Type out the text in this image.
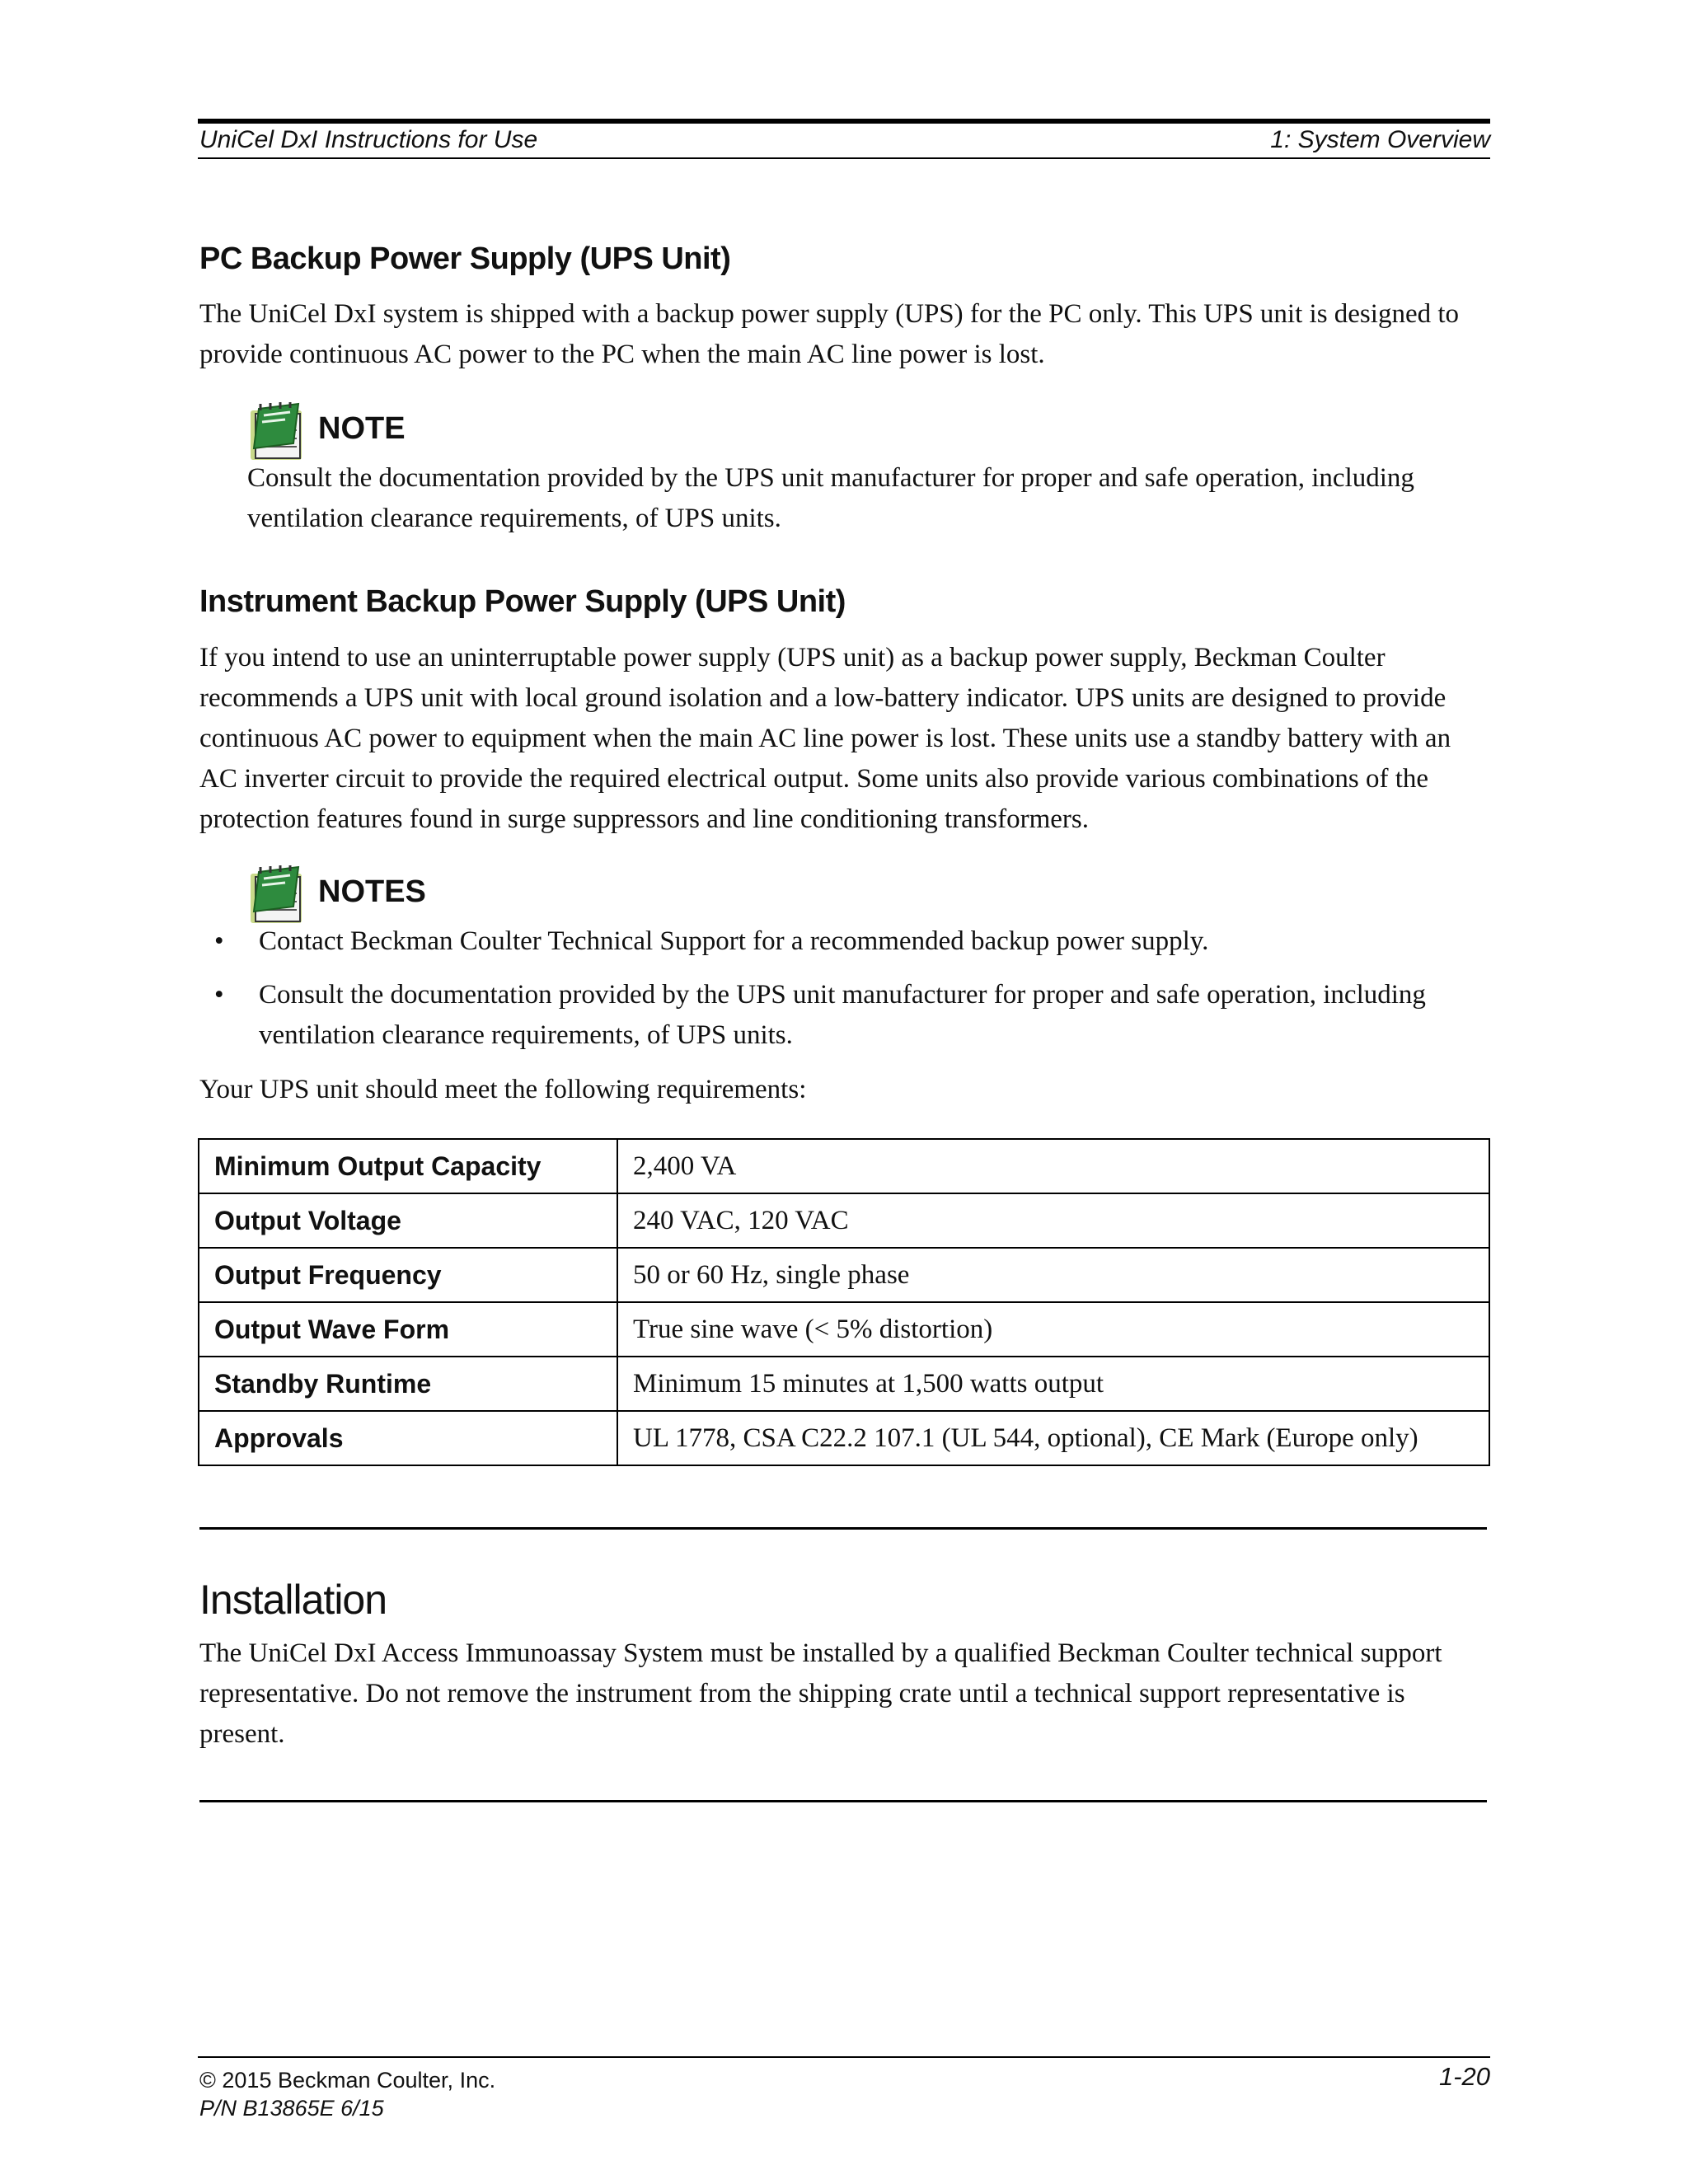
UniCel DxI Instructions for Use	1: System Overview
PC Backup Power Supply (UPS Unit)

The UniCel DxI system is shipped with a backup power supply (UPS) for the PC only. This UPS unit is designed to provide continuous AC power to the PC when the main AC line power is lost.

NOTE

Consult the documentation provided by the UPS unit manufacturer for proper and safe operation, including ventilation clearance requirements, of UPS units.

Instrument Backup Power Supply (UPS Unit)

If you intend to use an uninterruptable power supply (UPS unit) as a backup power supply, Beckman Coulter recommends a UPS unit with local ground isolation and a low-battery indicator. UPS units are designed to provide continuous AC power to equipment when the main AC line power is lost. These units use a standby battery with an AC inverter circuit to provide the required electrical output. Some units also provide various combinations of the protection features found in surge suppressors and line conditioning transformers.

NOTES
• Contact Beckman Coulter Technical Support for a recommended backup power supply.
• Consult the documentation provided by the UPS unit manufacturer for proper and safe operation, including ventilation clearance requirements, of UPS units.

Your UPS unit should meet the following requirements:

Minimum Output Capacity	2,400 VA
Output Voltage	240 VAC, 120 VAC
Output Frequency	50 or 60 Hz, single phase
Output Wave Form	True sine wave (< 5% distortion)
Standby Runtime	Minimum 15 minutes at 1,500 watts output
Approvals	UL 1778, CSA C22.2 107.1 (UL 544, optional), CE Mark (Europe only)
Installation

The UniCel DxI Access Immunoassay System must be installed by a qualified Beckman Coulter technical support representative. Do not remove the instrument from the shipping crate until a technical support representative is present.

© 2015 Beckman Coulter, Inc.
P/N B13865E 6/15
1-20
